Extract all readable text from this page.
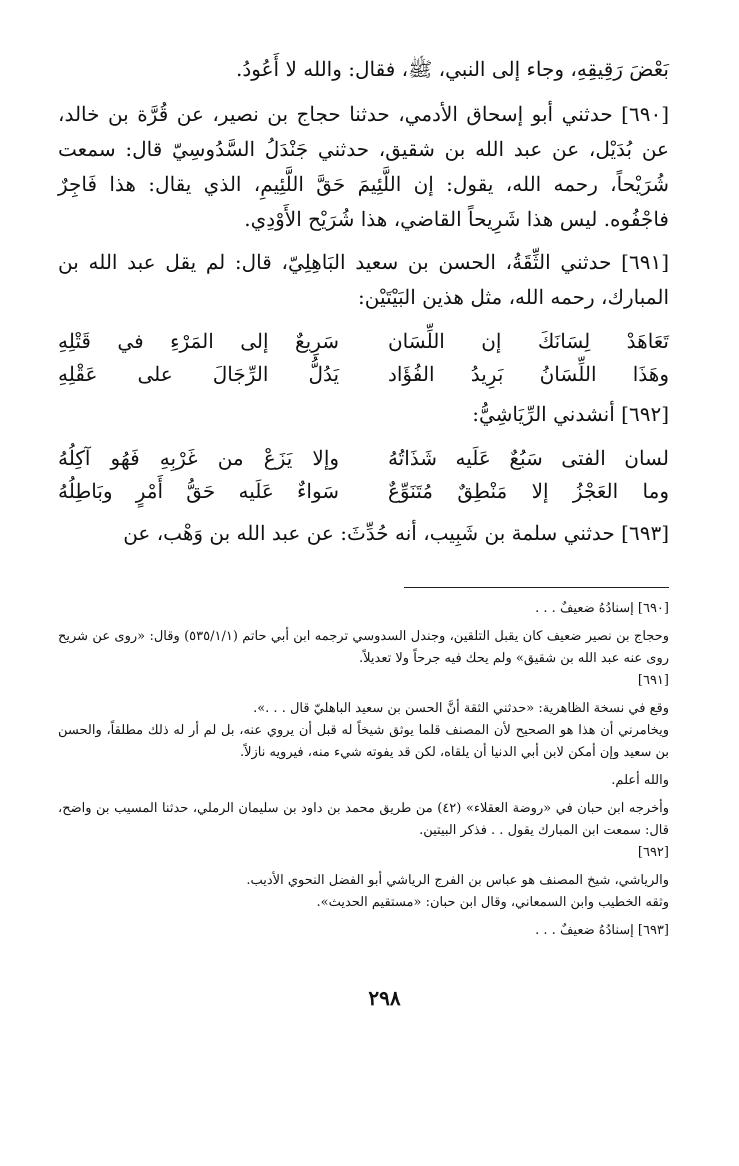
بَعْضَ رَقِيقِهِ، وجاء إلى النبي، ﷺ، فقال: والله لا أَعُودُ.

[٦٩٠] حدثني أبو إسحاق الأدمي، حدثنا حجاج بن نصير، عن قُرَّة بن خالد، عن بُدَيْل، عن عبد الله بن شقيق، حدثني جَنْدَلُ السَّدُوسِيّ قال: سمعت شُرَيْحاً، رحمه الله، يقول: إن اللَّئِيمَ حَقَّ اللَّئِيمِ، الذي يقال: هذا فَاجِرٌ فاجْفُوه. ليس هذا شَرِيحاً القاضي، هذا شُرَيْح الأَوْدِي.

[٦٩١] حدثني الثِّقَةُ، الحسن بن سعيد البَاهِلِيّ، قال: لم يقل عبد الله بن المبارك، رحمه الله، مثل هذين البَيْتَيْن:

تَعَاهَدْ لِسَانَكَ إن اللِّسَان
سَرِيعٌ إلى المَرْءِ في قَتْلِهِ
وهَذَا اللِّسَانُ بَرِيدُ الفُؤَاد
يَدُلُّ الرِّجَالَ على عَقْلِهِ

[٦٩٢] أنشدني الرِّيَاشِيُّ:

لسان الفتى سَبُعٌ عَلَيه شَذَاتُهُ
وإلا يَزَعْ من غَرْبِهِ فَهُو آكِلُهُ
وما العَجْزُ إلا مَنْطِقٌ مُتَنَوِّعٌ
سَواءٌ عَلَيه حَقُّ أَمْرٍ وبَاطِلُهُ

[٦٩٣] حدثني سلمة بن شَبِيب، أنه حُدِّثَ: عن عبد الله بن وَهْب، عن

[٦٩٠] إسنادُهُ ضعيفٌ . . .

وحجاج بن نصير ضعيف كان يقبل التلقين، وجندل السدوسي ترجمه ابن أبي حاتم (٥٣٥/١/١) وقال: «روى عن شريح روى عنه عبد الله بن شقيق» ولم يحك فيه جرحاً ولا تعديلاً.

[٦٩١]

وقع في نسخة الظاهرية: «حدثني الثقة أنَّ الحسن بن سعيد الباهليّ قال . . .».

ويخامرني أن هذا هو الصحيح لأن المصنف قلما يوثق شيخاً له قبل أن يروي عنه، بل لم أر له ذلك مطلقاً، والحسن بن سعيد وإن أمكن لابن أبي الدنيا أن يلقاه، لكن قد يفوته شيء منه، فيرويه نازلاً.

والله أعلم.

وأخرجه ابن حبان في «روضة العقلاء» (٤٢) من طريق محمد بن داود بن سليمان الرملي، حدثنا المسيب بن واضح، قال: سمعت ابن المبارك يقول . . فذكر البيتين.

[٦٩٢]

والرياشي، شيخ المصنف هو عباس بن الفرج الرياشي أبو الفضل النحوي الأديب.

وثقه الخطيب وابن السمعاني، وقال ابن حبان: «مستقيم الحديث».

[٦٩٣] إسنادُهُ ضعيفٌ . . .

٢٩٨
